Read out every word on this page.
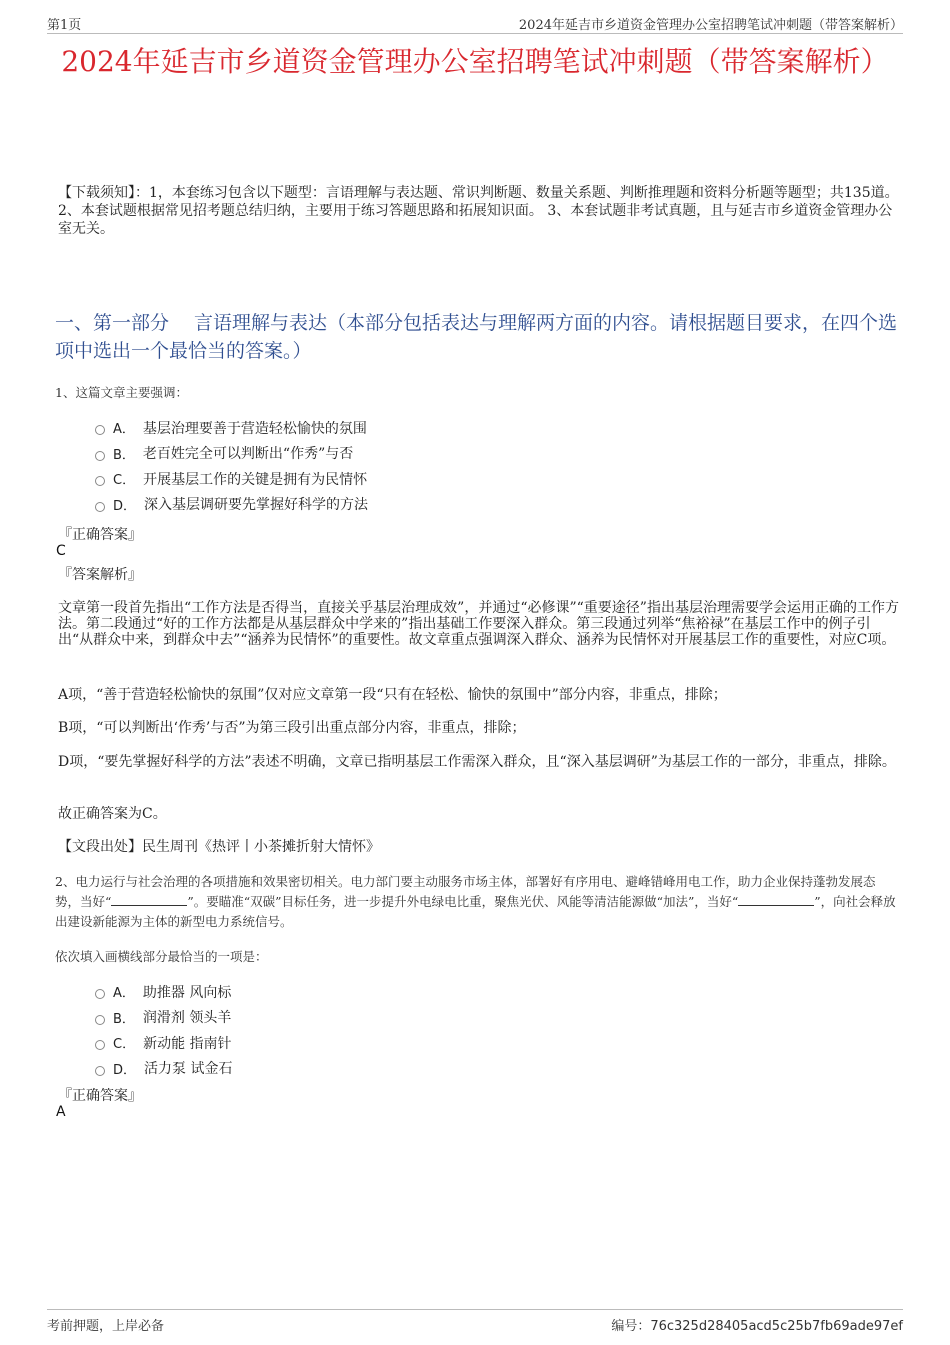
第1页	2024年延吉市乡道资金管理办公室招聘笔试冲刺题（带答案解析）
2024年延吉市乡道资金管理办公室招聘笔试冲刺题（带答案解析）
【下载须知】：1，本套练习包含以下题型：言语理解与表达题、常识判断题、数量关系题、判断推理题和资料分析题等题型；共135道。 2、本套试题根据常见招考题总结归纳，主要用于练习答题思路和拓展知识面。 3、本套试题非考试真题，且与延吉市乡道资金管理办公室无关。
一、第一部分　 言语理解与表达（本部分包括表达与理解两方面的内容。请根据题目要求，在四个选项中选出一个最恰当的答案。）
1、这篇文章主要强调：
A． 基层治理要善于营造轻松愉快的氛围
B． 老百姓完全可以判断出“作秀”与否
C． 开展基层工作的关键是拥有为民情怀
D． 深入基层调研要先掌握好科学的方法
『正确答案』
C
『答案解析』
文章第一段首先指出“工作方法是否得当，直接关乎基层治理成效”，并通过“必修课”“重要途径”指出基层治理需要学会运用正确的工作方法。第二段通过“好的工作方法都是从基层群众中学来的”指出基础工作要深入群众。第三段通过列举“焦裕禄”在基层工作中的例子引出“从群众中来，到群众中去”“涵养为民情怀”的重要性。故文章重点强调深入群众、涵养为民情怀对开展基层工作的重要性，对应C项。
A项，“善于营造轻松愉快的氛围”仅对应文章第一段“只有在轻松、愉快的氛围中”部分内容，非重点，排除；
B项，“可以判断出‘作秀’与否”为第三段引出重点部分内容，非重点，排除；
D项，“要先掌握好科学的方法”表述不明确，文章已指明基层工作需深入群众，且“深入基层调研”为基层工作的一部分，非重点，排除。
故正确答案为C。
【文段出处】民生周刊《热评丨小茶摊折射大情怀》
2、电力运行与社会治理的各项措施和效果密切相关。电力部门要主动服务市场主体，部署好有序用电、避峰错峰用电工作，助力企业保持蓬勃发展态势，当好“	”。要瞄准“双碳”目标任务，进一步提升外电绿电比重，聚焦光伏、风能等清洁能源做“加法”，当好“	”，向社会释放出建设新能源为主体的新型电力系统信号。
依次填入画横线部分最恰当的一项是：
A． 助推器 风向标
B． 润滑剂 领头羊
C． 新动能 指南针
D． 活力泵 试金石
『正确答案』
A
考前押题，上岸必备	编号：76c325d28405acd5c25b7fb69ade97ef
